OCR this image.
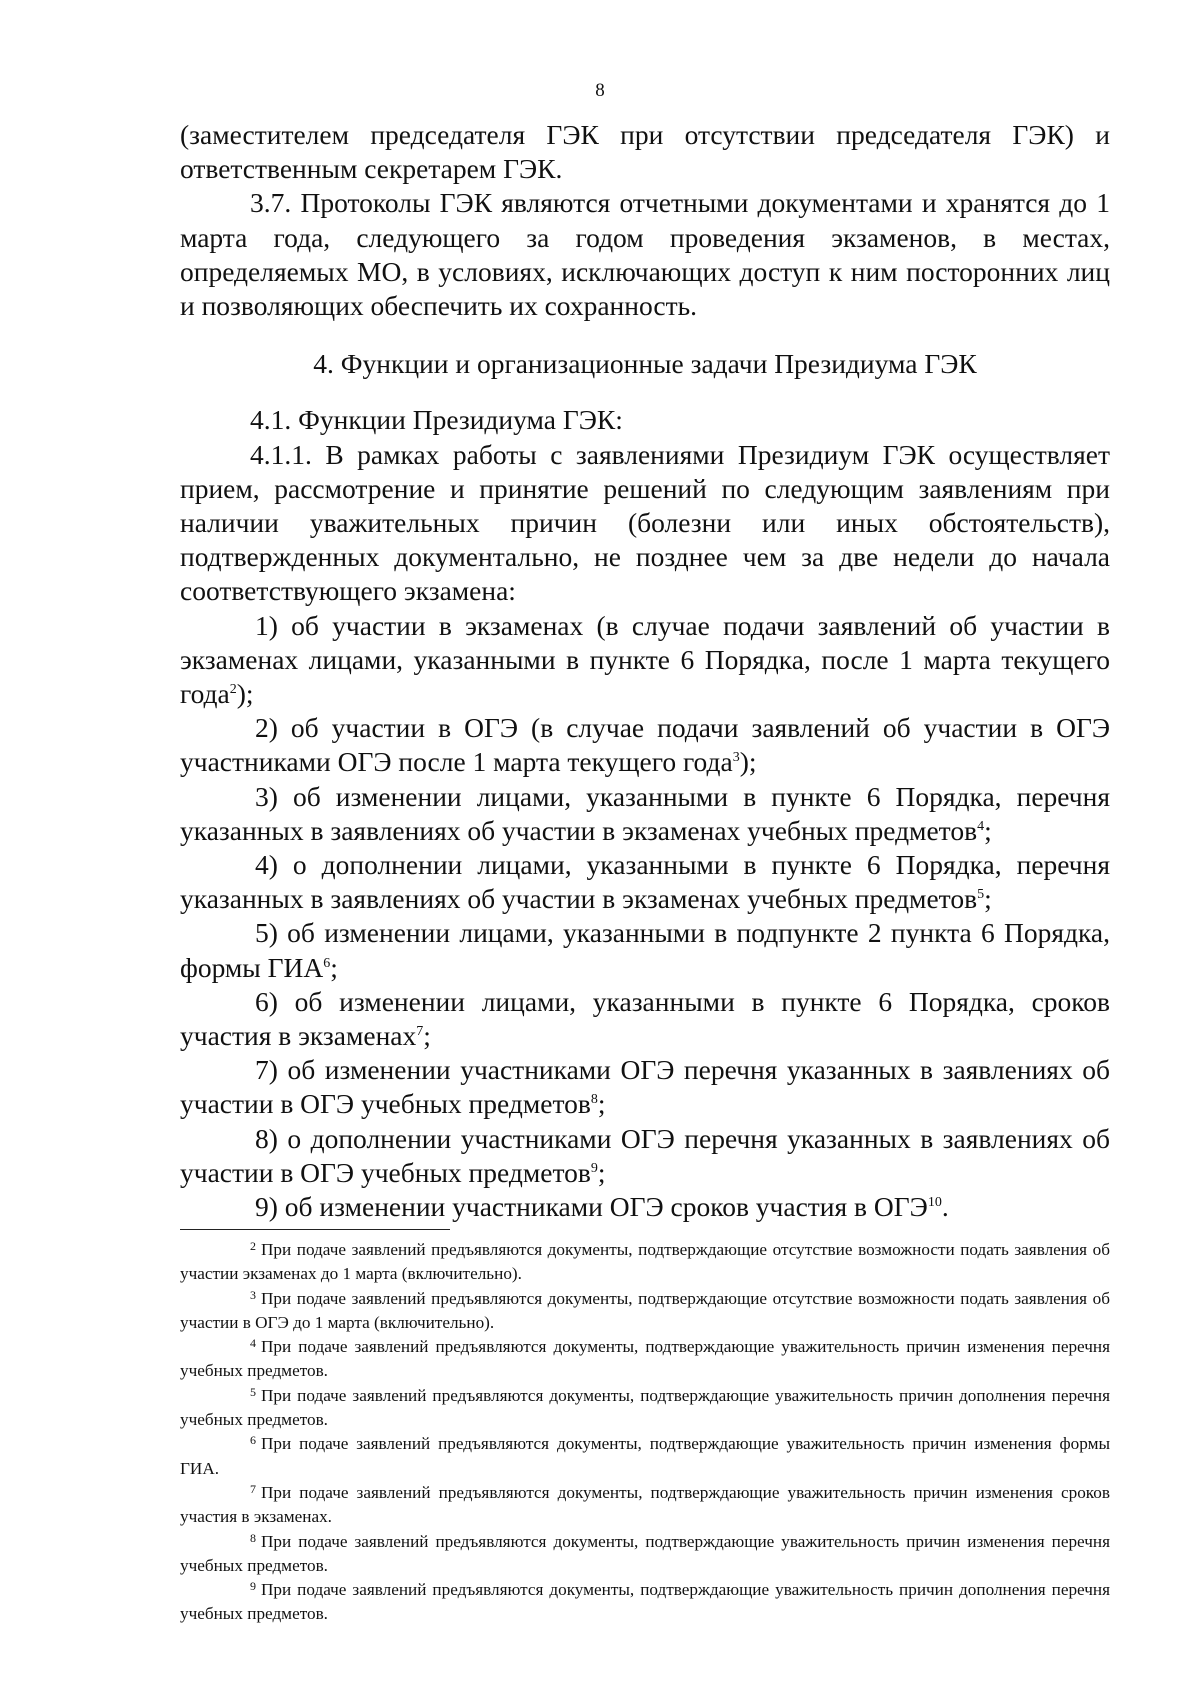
8

(заместителем председателя ГЭК при отсутствии председателя ГЭК) и ответственным секретарем ГЭК.

3.7. Протоколы ГЭК являются отчетными документами и хранятся до 1 марта года, следующего за годом проведения экзаменов, в местах, определяемых МО, в условиях, исключающих доступ к ним посторонних лиц и позволяющих обеспечить их сохранность.

4. Функции и организационные задачи Президиума ГЭК

4.1. Функции Президиума ГЭК:

4.1.1. В рамках работы с заявлениями Президиум ГЭК осуществляет прием, рассмотрение и принятие решений по следующим заявлениям при наличии уважительных причин (болезни или иных обстоятельств), подтвержденных документально, не позднее чем за две недели до начала соответствующего экзамена:

1) об участии в экзаменах (в случае подачи заявлений об участии в экзаменах лицами, указанными в пункте 6 Порядка, после 1 марта текущего года$^2$);

2) об участии в ОГЭ (в случае подачи заявлений об участии в ОГЭ участниками ОГЭ после 1 марта текущего года$^3$);

3) об изменении лицами, указанными в пункте 6 Порядка, перечня указанных в заявлениях об участии в экзаменах учебных предметов$^4$;

4) о дополнении лицами, указанными в пункте 6 Порядка, перечня указанных в заявлениях об участии в экзаменах учебных предметов$^5$;

5) об изменении лицами, указанными в подпункте 2 пункта 6 Порядка, формы ГИА$^6$;

6) об изменении лицами, указанными в пункте 6 Порядка, сроков участия в экзаменах$^7$;

7) об изменении участниками ОГЭ перечня указанных в заявлениях об участии в ОГЭ учебных предметов$^8$;

8) о дополнении участниками ОГЭ перечня указанных в заявлениях об участии в ОГЭ учебных предметов$^9$;

9) об изменении участниками ОГЭ сроков участия в ОГЭ$^{10}$.

$^2$ При подаче заявлений предъявляются документы, подтверждающие отсутствие возможности подать заявления об участии экзаменах до 1 марта (включительно).

$^3$ При подаче заявлений предъявляются документы, подтверждающие отсутствие возможности подать заявления об участии в ОГЭ до 1 марта (включительно).

$^4$ При подаче заявлений предъявляются документы, подтверждающие уважительность причин изменения перечня учебных предметов.

$^5$ При подаче заявлений предъявляются документы, подтверждающие уважительность причин дополнения перечня учебных предметов.

$^6$ При подаче заявлений предъявляются документы, подтверждающие уважительность причин изменения формы ГИА.

$^7$ При подаче заявлений предъявляются документы, подтверждающие уважительность причин изменения сроков участия в экзаменах.

$^8$ При подаче заявлений предъявляются документы, подтверждающие уважительность причин изменения перечня учебных предметов.

$^9$ При подаче заявлений предъявляются документы, подтверждающие уважительность причин дополнения перечня учебных предметов.
